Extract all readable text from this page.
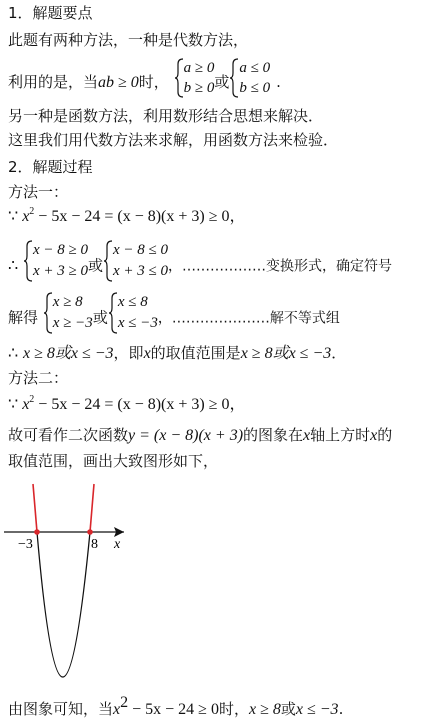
1．解题要点
此题有两种方法，一种是代数方法，
利用的是，当ab ≥ 0时，
a ≥ 0
b ≥ 0 或
a ≤ 0
b ≤ 0 .
另一种是函数方法，利用数形结合思想来解决．
这里我们用代数方法来求解，用函数方法来检验．
2．解题过程
方法一：
∵ $x^2 - 5x - 24 = (x - 8)(x + 3) \ge 0$，
∴
x − 8 ≥ 0
x + 3 ≥ 0 或
x − 8 ≤ 0
x + 3 ≤ 0 ，………………变换形式，确定符号
解得
x ≥ 8
x ≥ −3 或
x ≤ 8
x ≤ −3 ，…………………解不等式组
∴ x ≥ 8或x ≤ −3，即x的取值范围是x ≥ 8或x ≤ −3．
方法二：
∵ $x^2 - 5x - 24 = (x - 8)(x + 3) \ge 0$，
故可看作二次函数y = (x − 8)(x + 3)的图象在x轴上方时x的
取值范围，画出大致图形如下，
−3	8 x
由图象可知，当$x^2 - 5x - 24 \ge 0$时，x ≥ 8或x ≤ −3.
